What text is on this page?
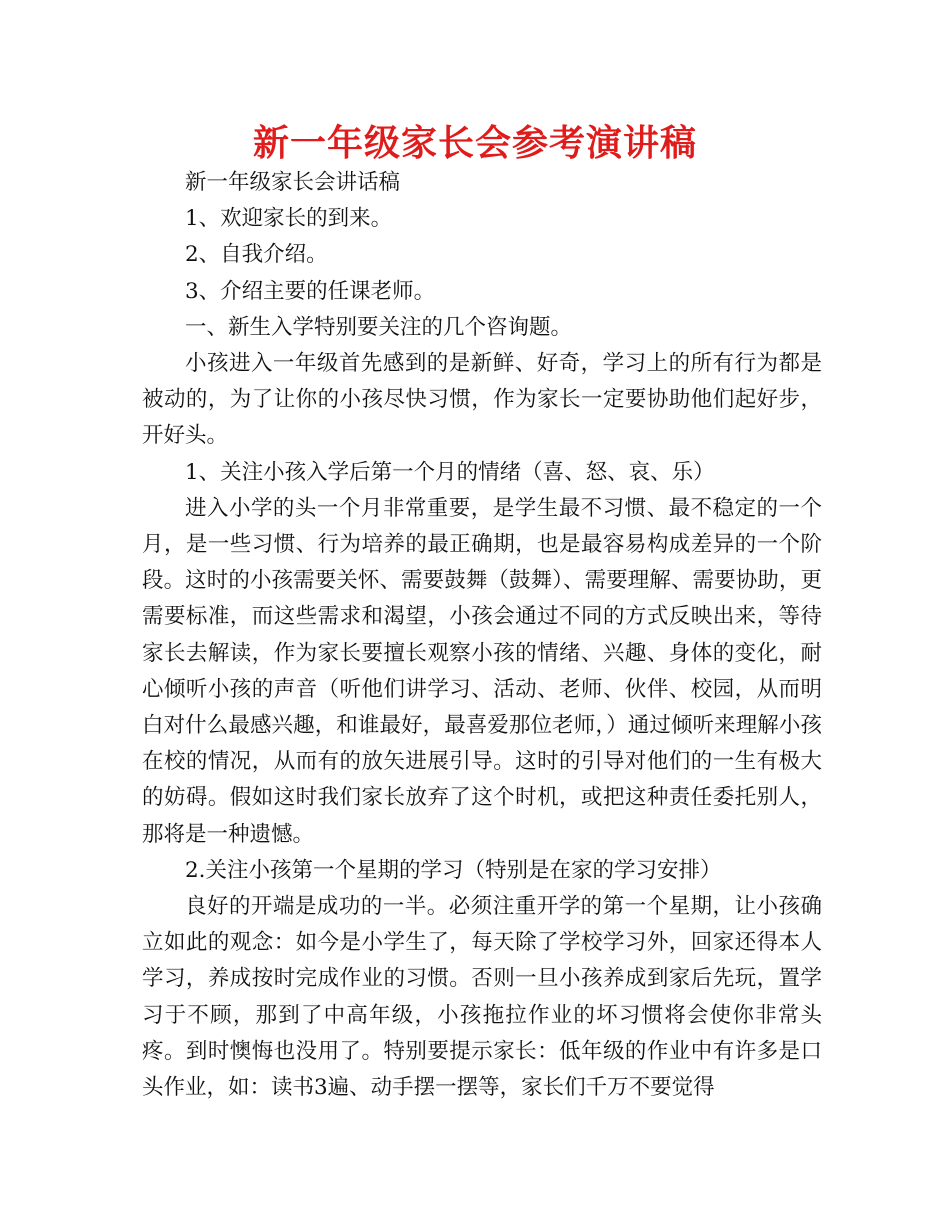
新一年级家长会参考演讲稿

新一年级家长会讲话稿

1、欢迎家长的到来。

2、自我介绍。

3、介绍主要的任课老师。

一、新生入学特别要关注的几个咨询题。

小孩进入一年级首先感到的是新鲜、好奇，学习上的所有行为都是被动的，为了让你的小孩尽快习惯，作为家长一定要协助他们起好步，开好头。

1、关注小孩入学后第一个月的情绪（喜、怒、哀、乐）

进入小学的头一个月非常重要，是学生最不习惯、最不稳定的一个月，是一些习惯、行为培养的最正确期，也是最容易构成差异的一个阶段。这时的小孩需要关怀、需要鼓舞（鼓舞）、需要理解、需要协助，更需要标准，而这些需求和渴望，小孩会通过不同的方式反映出来，等待家长去解读，作为家长要擅长观察小孩的情绪、兴趣、身体的变化，耐心倾听小孩的声音（听他们讲学习、活动、老师、伙伴、校园，从而明白对什么最感兴趣，和谁最好，最喜爱那位老师，）通过倾听来理解小孩在校的情况，从而有的放矢进展引导。这时的引导对他们的一生有极大的妨碍。假如这时我们家长放弃了这个时机，或把这种责任委托别人，那将是一种遗憾。

2.关注小孩第一个星期的学习（特别是在家的学习安排）

良好的开端是成功的一半。必须注重开学的第一个星期，让小孩确立如此的观念：如今是小学生了，每天除了学校学习外，回家还得本人学习，养成按时完成作业的习惯。否则一旦小孩养成到家后先玩，置学习于不顾，那到了中高年级，小孩拖拉作业的坏习惯将会使你非常头疼。到时懊悔也没用了。特别要提示家长：低年级的作业中有许多是口头作业，如：读书3遍、动手摆一摆等，家长们千万不要觉得
